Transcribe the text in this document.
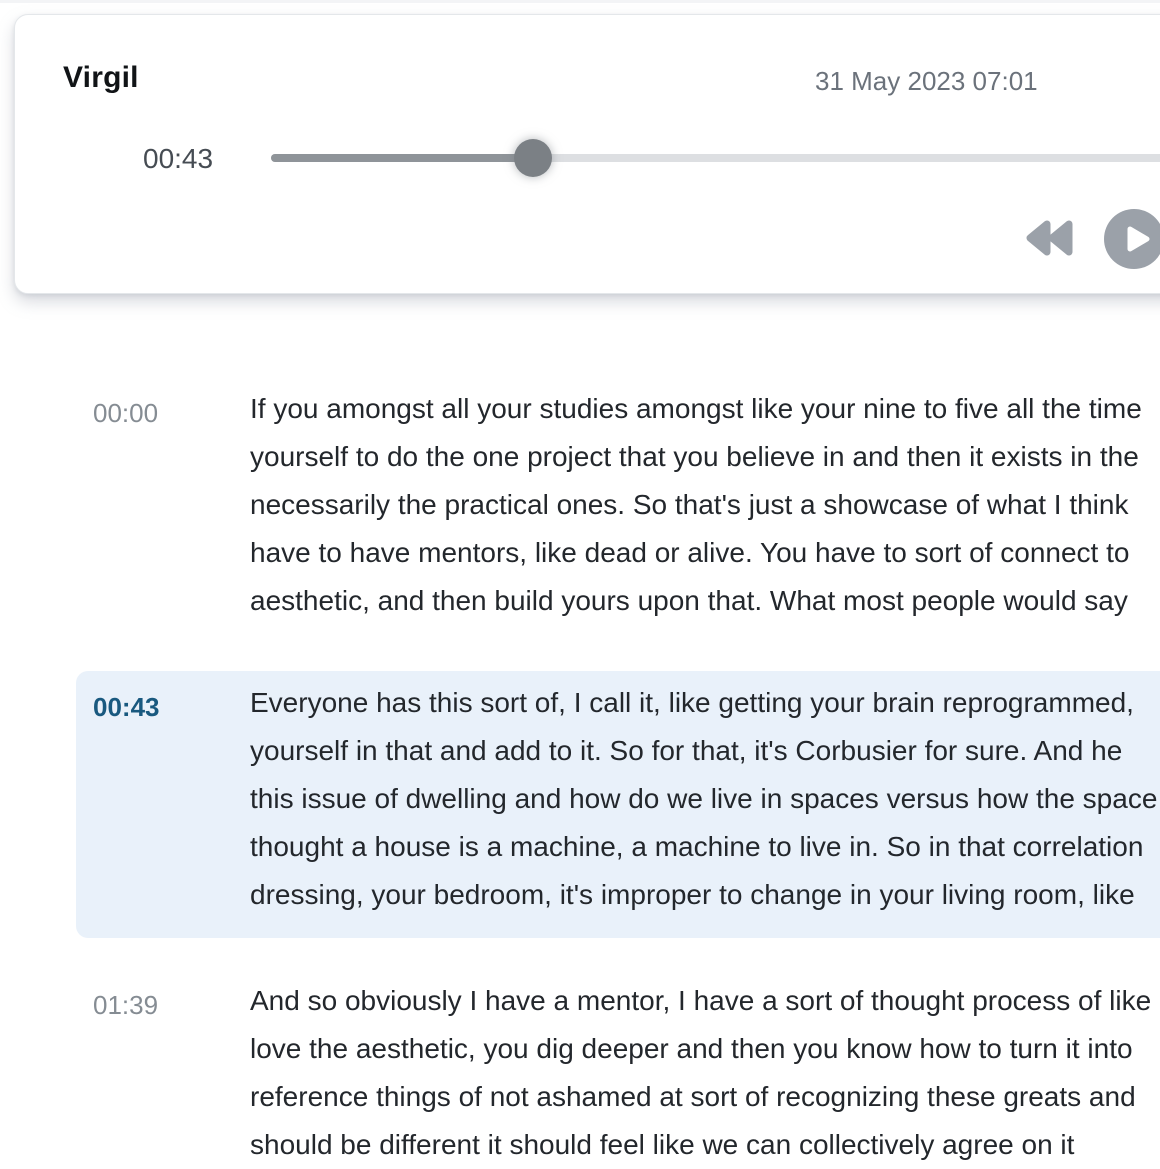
Virgil	31 May 2023 07:01
00:43
00:00	If you amongst all your studies amongst like your nine to five all the time
yourself to do the one project that you believe in and then it exists in the
necessarily the practical ones. So that's just a showcase of what I think
have to have mentors, like dead or alive. You have to sort of connect to
aesthetic, and then build yours upon that. What most people would say
00:43	Everyone has this sort of, I call it, like getting your brain reprogrammed,
yourself in that and add to it. So for that, it's Corbusier for sure. And he
this issue of dwelling and how do we live in spaces versus how the space
thought a house is a machine, a machine to live in. So in that correlation
dressing, your bedroom, it's improper to change in your living room, like
01:39	And so obviously I have a mentor, I have a sort of thought process of like
love the aesthetic, you dig deeper and then you know how to turn it into
reference things of not ashamed at sort of recognizing these greats and
should be different it should feel like we can collectively agree on it
